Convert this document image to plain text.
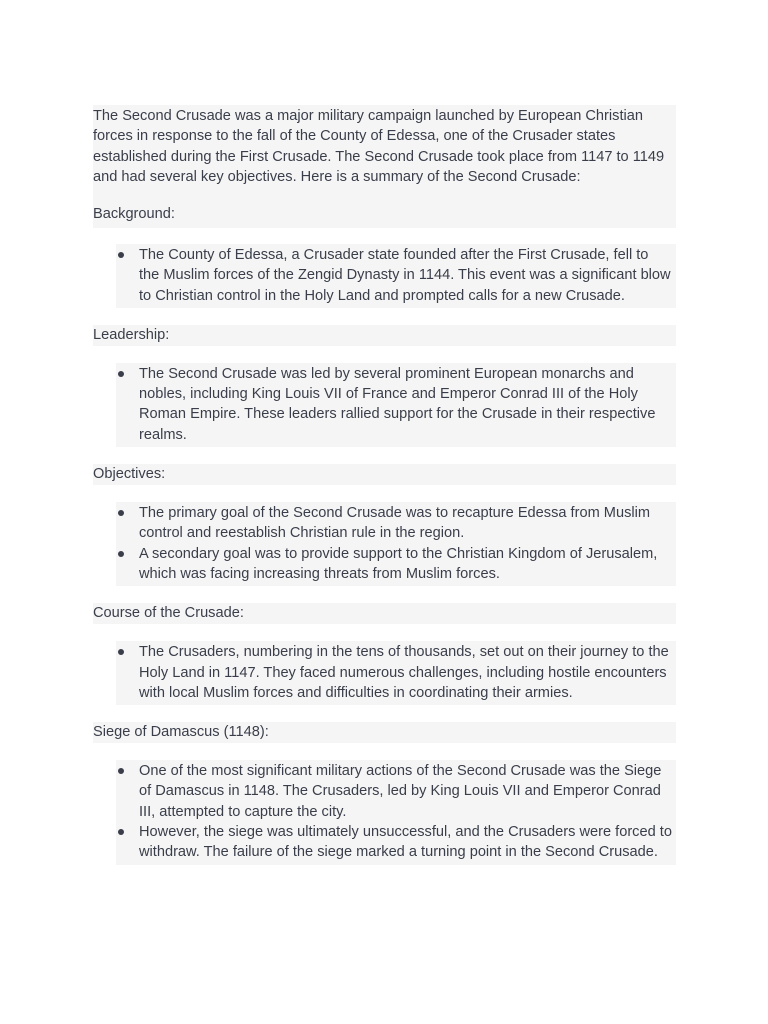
The Second Crusade was a major military campaign launched by European Christian forces in response to the fall of the County of Edessa, one of the Crusader states established during the First Crusade. The Second Crusade took place from 1147 to 1149 and had several key objectives. Here is a summary of the Second Crusade:

Background:

The County of Edessa, a Crusader state founded after the First Crusade, fell to the Muslim forces of the Zengid Dynasty in 1144. This event was a significant blow to Christian control in the Holy Land and prompted calls for a new Crusade.
Leadership:
The Second Crusade was led by several prominent European monarchs and nobles, including King Louis VII of France and Emperor Conrad III of the Holy Roman Empire. These leaders rallied support for the Crusade in their respective realms.
Objectives:
The primary goal of the Second Crusade was to recapture Edessa from Muslim control and reestablish Christian rule in the region.
A secondary goal was to provide support to the Christian Kingdom of Jerusalem, which was facing increasing threats from Muslim forces.
Course of the Crusade:
The Crusaders, numbering in the tens of thousands, set out on their journey to the Holy Land in 1147. They faced numerous challenges, including hostile encounters with local Muslim forces and difficulties in coordinating their armies.
Siege of Damascus (1148):
One of the most significant military actions of the Second Crusade was the Siege of Damascus in 1148. The Crusaders, led by King Louis VII and Emperor Conrad III, attempted to capture the city.
However, the siege was ultimately unsuccessful, and the Crusaders were forced to withdraw. The failure of the siege marked a turning point in the Second Crusade.
